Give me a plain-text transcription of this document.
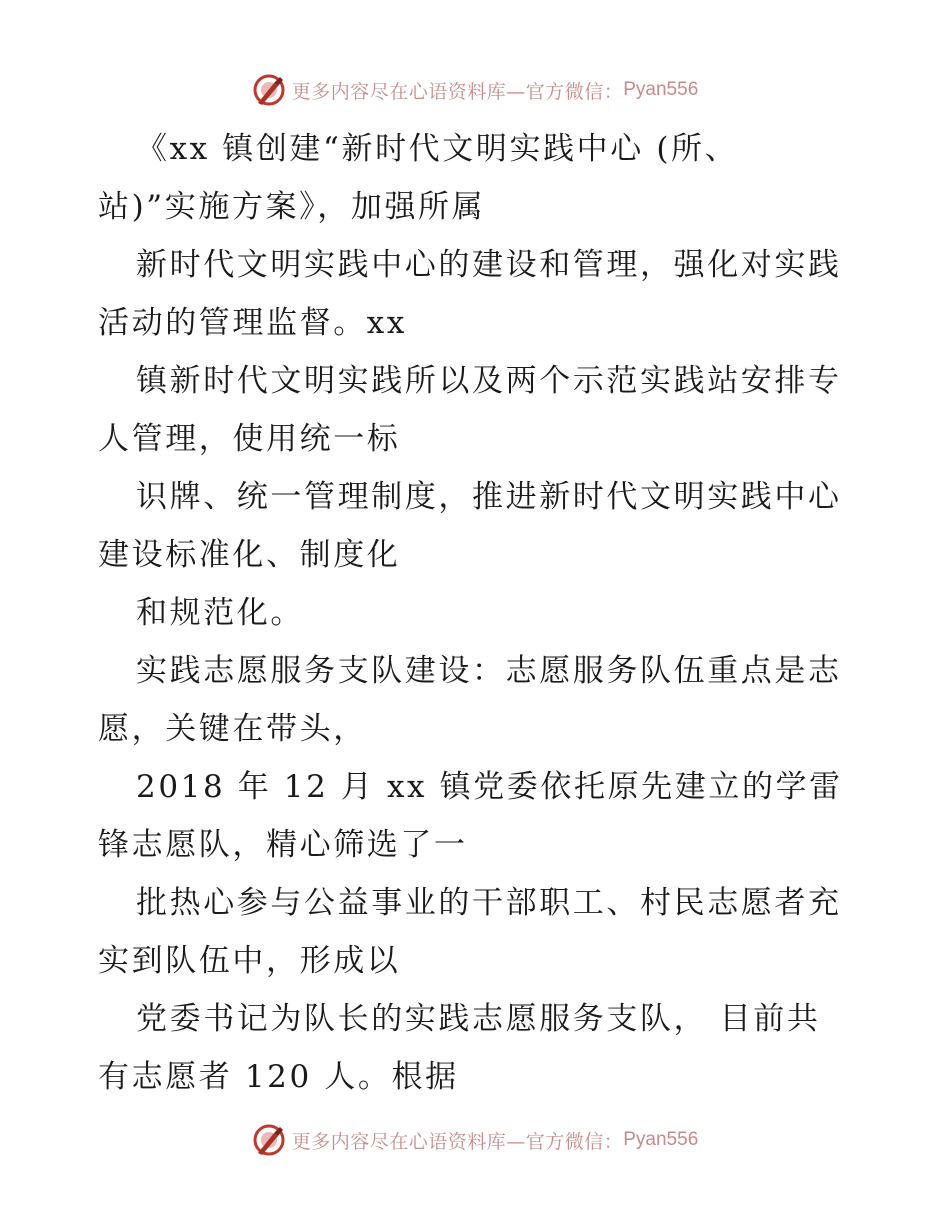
更多内容尽在心语资料库—官方微信： Pyan556
《xx 镇创建“新时代文明实践中心 (所、
站)”实施方案》，加强所属
新时代文明实践中心的建设和管理，强化对实践
活动的管理监督。xx
镇新时代文明实践所以及两个示范实践站安排专
人管理，使用统一标
识牌、统一管理制度，推进新时代文明实践中心
建设标准化、制度化
和规范化。
实践志愿服务支队建设：志愿服务队伍重点是志
愿，关键在带头，
2018 年 12 月 xx 镇党委依托原先建立的学雷
锋志愿队，精心筛选了一
批热心参与公益事业的干部职工、村民志愿者充
实到队伍中，形成以
党委书记为队长的实践志愿服务支队， 目前共
有志愿者 120 人。根据
更多内容尽在心语资料库—官方微信： Pyan556
